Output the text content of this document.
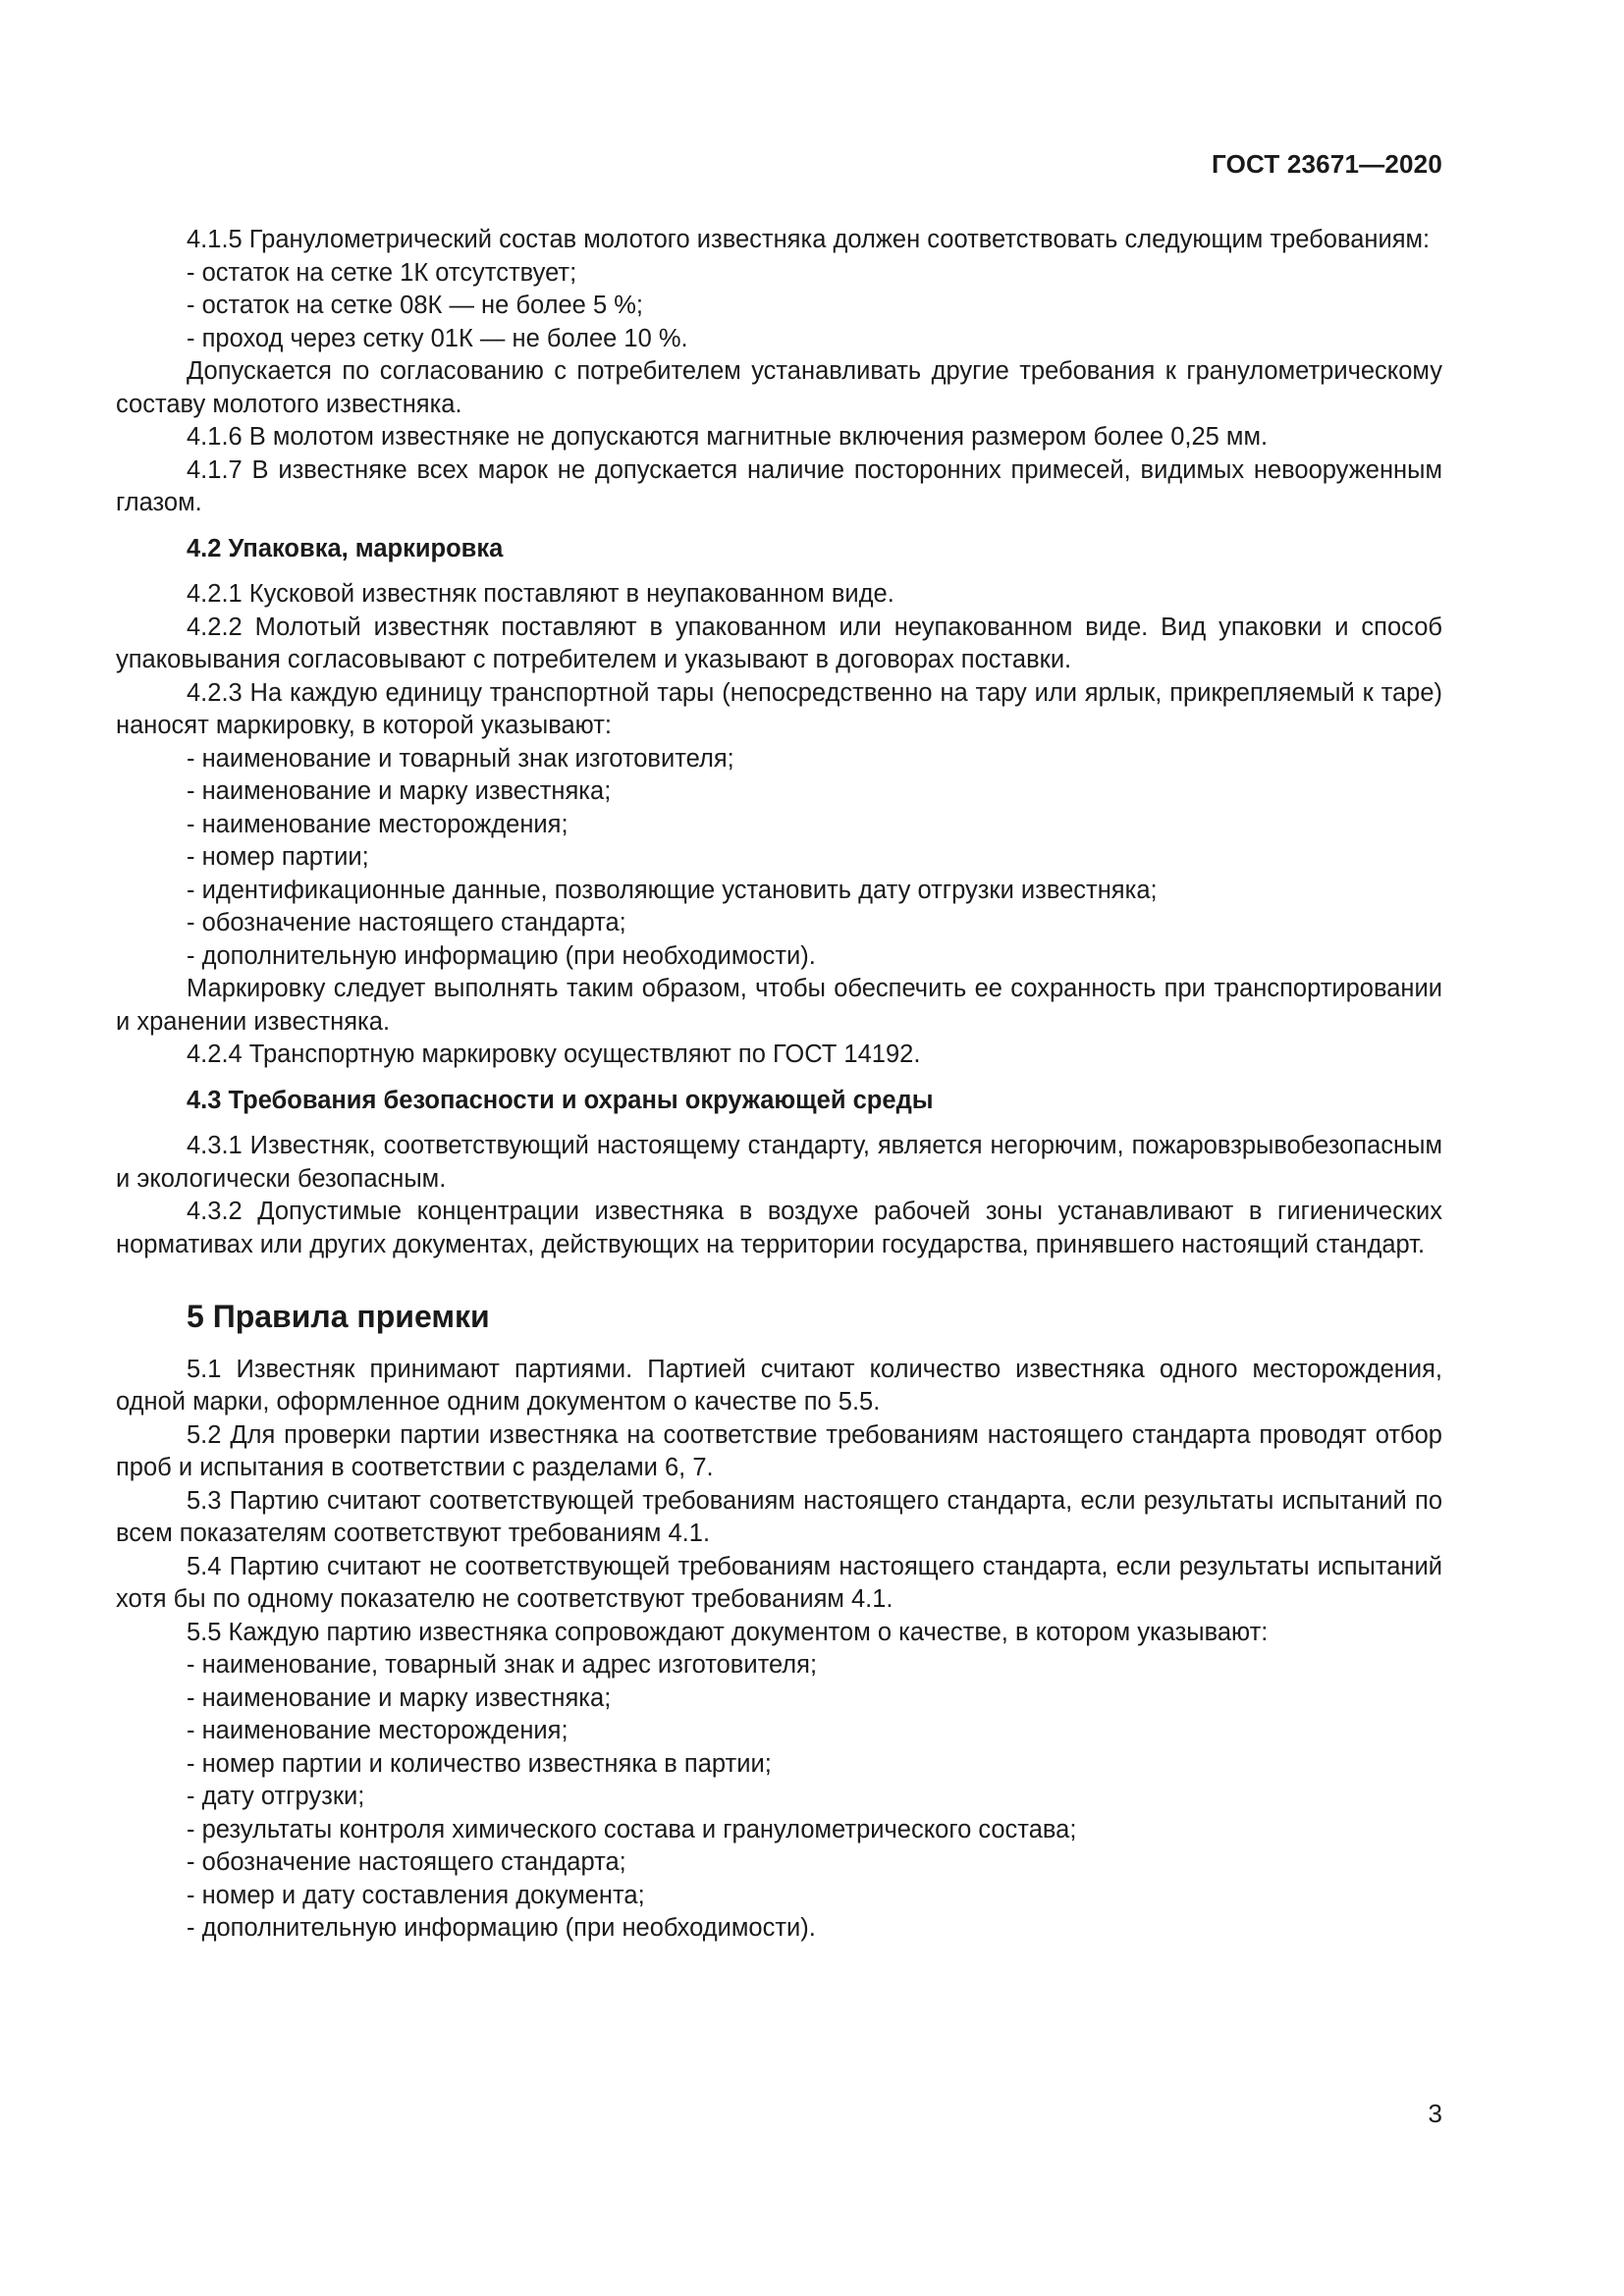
ГОСТ 23671—2020

4.1.5 Гранулометрический состав молотого известняка должен соответствовать следующим требованиям:

- остаток на сетке 1К отсутствует;

- остаток на сетке 08К — не более 5 %;

- проход через сетку 01К — не более 10 %.

Допускается по согласованию с потребителем устанавливать другие требования к гранулометрическому составу молотого известняка.

4.1.6 В молотом известняке не допускаются магнитные включения размером более 0,25 мм.

4.1.7 В известняке всех марок не допускается наличие посторонних примесей, видимых невооруженным глазом.

4.2 Упаковка, маркировка

4.2.1 Кусковой известняк поставляют в неупакованном виде.

4.2.2 Молотый известняк поставляют в упакованном или неупакованном виде. Вид упаковки и способ упаковывания согласовывают с потребителем и указывают в договорах поставки.

4.2.3 На каждую единицу транспортной тары (непосредственно на тару или ярлык, прикрепляемый к таре) наносят маркировку, в которой указывают:

- наименование и товарный знак изготовителя;

- наименование и марку известняка;

- наименование месторождения;

- номер партии;

- идентификационные данные, позволяющие установить дату отгрузки известняка;

- обозначение настоящего стандарта;

- дополнительную информацию (при необходимости).

Маркировку следует выполнять таким образом, чтобы обеспечить ее сохранность при транспортировании и хранении известняка.

4.2.4 Транспортную маркировку осуществляют по ГОСТ 14192.

4.3 Требования безопасности и охраны окружающей среды

4.3.1 Известняк, соответствующий настоящему стандарту, является негорючим, пожаровзрывобезопасным и экологически безопасным.

4.3.2 Допустимые концентрации известняка в воздухе рабочей зоны устанавливают в гигиенических нормативах или других документах, действующих на территории государства, принявшего настоящий стандарт.

5 Правила приемки

5.1 Известняк принимают партиями. Партией считают количество известняка одного месторождения, одной марки, оформленное одним документом о качестве по 5.5.

5.2 Для проверки партии известняка на соответствие требованиям настоящего стандарта проводят отбор проб и испытания в соответствии с разделами 6, 7.

5.3 Партию считают соответствующей требованиям настоящего стандарта, если результаты испытаний по всем показателям соответствуют требованиям 4.1.

5.4 Партию считают не соответствующей требованиям настоящего стандарта, если результаты испытаний хотя бы по одному показателю не соответствуют требованиям 4.1.

5.5 Каждую партию известняка сопровождают документом о качестве, в котором указывают:

- наименование, товарный знак и адрес изготовителя;

- наименование и марку известняка;

- наименование месторождения;

- номер партии и количество известняка в партии;

- дату отгрузки;

- результаты контроля химического состава и гранулометрического состава;

- обозначение настоящего стандарта;

- номер и дату составления документа;

- дополнительную информацию (при необходимости).

3
